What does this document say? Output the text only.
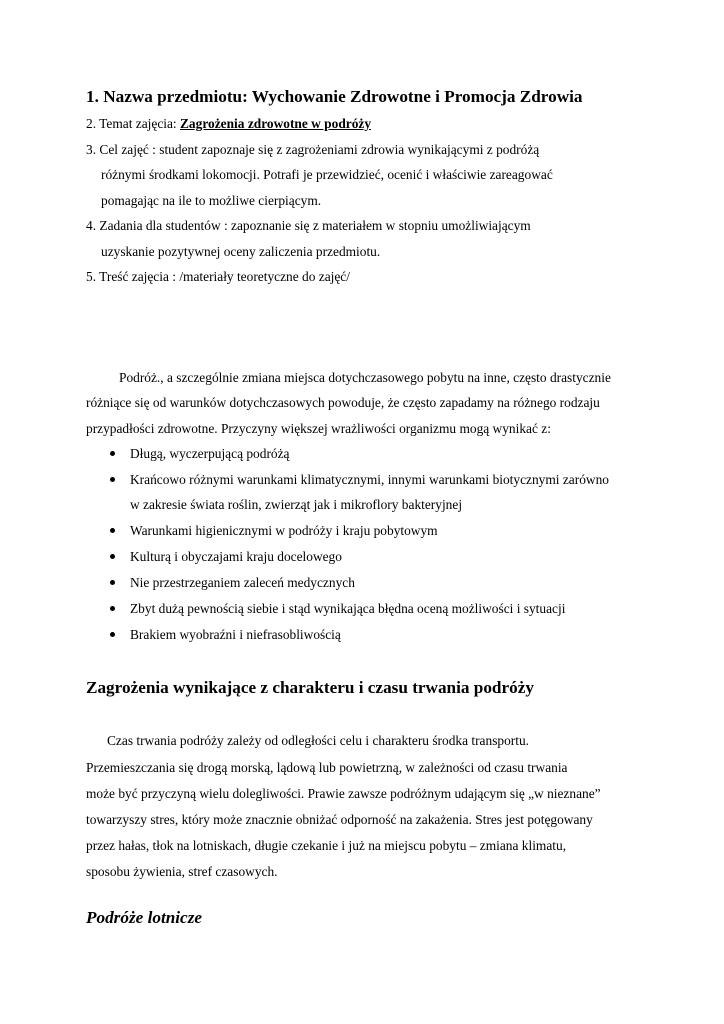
1. Nazwa przedmiotu: Wychowanie Zdrowotne i Promocja Zdrowia
2. Temat zajęcia: Zagrożenia zdrowotne w podróży
3. Cel zajęć : student zapoznaje się z zagrożeniami zdrowia wynikającymi z podróżą
różnymi środkami lokomocji. Potrafi je przewidzieć, ocenić i właściwie zareagować
pomagając na ile to możliwe cierpiącym.
4. Zadania dla studentów : zapoznanie się z materiałem w stopniu umożliwiającym
uzyskanie pozytywnej oceny zaliczenia przedmiotu.
5. Treść zajęcia : /materiały teoretyczne do zajęć/
Podróż., a szczególnie zmiana miejsca dotychczasowego pobytu na inne, często drastycznie
różniące się od warunków dotychczasowych powoduje, że często zapadamy na różnego rodzaju
przypadłości zdrowotne. Przyczyny większej wrażliwości organizmu mogą wynikać z:
Długą, wyczerpującą podróżą
Krańcowo różnymi warunkami klimatycznymi, innymi warunkami biotycznymi zarówno
w zakresie świata roślin, zwierząt jak i mikroflory bakteryjnej
Warunkami higienicznymi w podróży i kraju pobytowym
Kulturą i obyczajami kraju docelowego
Nie przestrzeganiem zaleceń medycznych
Zbyt dużą pewnością siebie i stąd wynikająca błędna oceną możliwości i sytuacji
Brakiem wyobraźni i niefrasobliwością
Zagrożenia wynikające z charakteru i czasu trwania podróży
Czas trwania podróży zależy od odległości celu i charakteru środka transportu.
Przemieszczania się drogą morską, lądową lub powietrzną, w zależności od czasu trwania
może być przyczyną wielu dolegliwości. Prawie zawsze podróżnym udającym się „w nieznane”
towarzyszy stres, który może znacznie obniżać odporność na zakażenia. Stres jest potęgowany
przez hałas, tłok na lotniskach, długie czekanie i już na miejscu pobytu – zmiana klimatu,
sposobu żywienia, stref czasowych.
Podróże lotnicze
